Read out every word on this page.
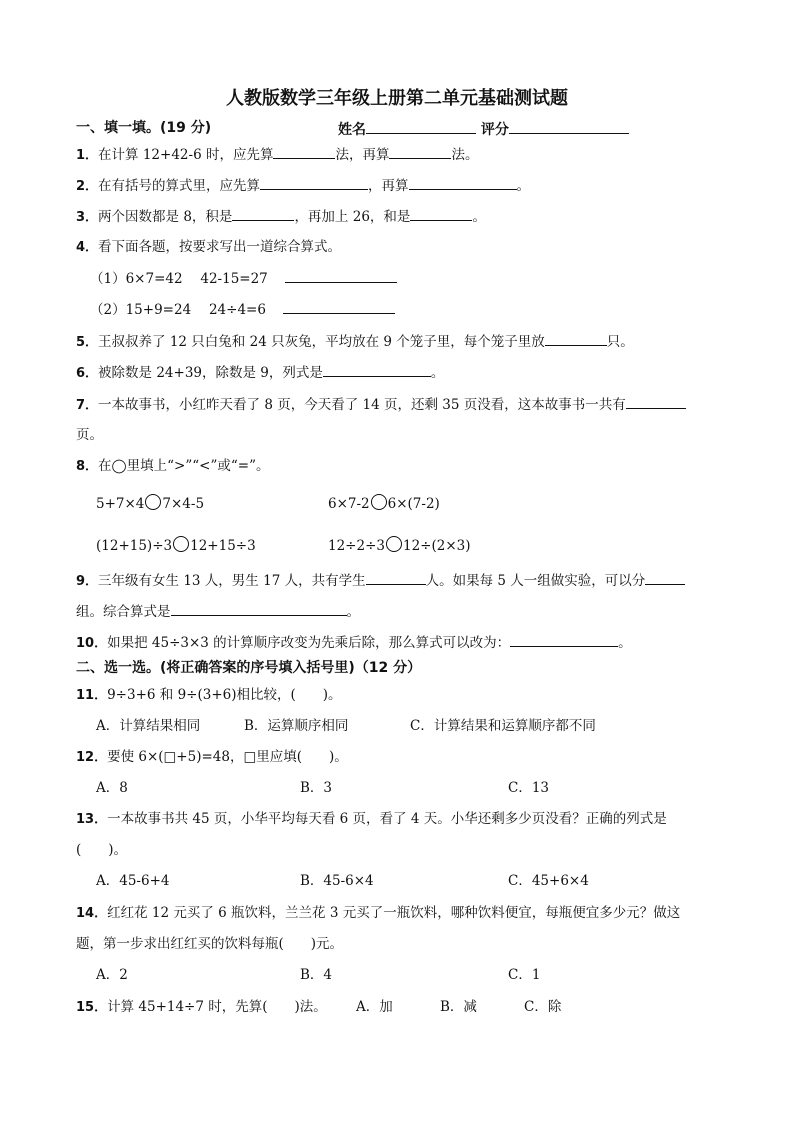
人教版数学三年级上册第二单元基础测试题
一、填一填。(19 分)	姓名	评分
1．在计算 12+42-6 时，应先算	法，再算	法。
2．在有括号的算式里，应先算	，再算	。
3．两个因数都是 8，积是	，再加上 26，和是	。
4．看下面各题，按要求写出一道综合算式。
（1）6×7=42　 42-15=27
（2）15+9=24　 24÷4=6
5．王叔叔养了 12 只白兔和 24 只灰兔，平均放在 9 个笼子里，每个笼子里放	只。
6．被除数是 24+39，除数是 9，列式是	。
7．一本故事书，小红昨天看了 8 页，今天看了 14 页，还剩 35 页没看，这本故事书一共有
页。
8．在◯里填上“>”“<”或“=”。
5+7×4 7×4-5	6×7-2 6×(7-2)
(12+15)÷3 12+15÷3	12÷2÷3 12÷(2×3)
9．三年级有女生 13 人，男生 17 人，共有学生	人。如果每 5 人一组做实验，可以分
组。综合算式是	。
10．如果把 45÷3×3 的计算顺序改变为先乘后除，那么算式可以改为：	。
二、选一选。(将正确答案的序号填入括号里)（12 分）
11．9÷3+6 和 9÷(3+6)相比较，(　　)。
A．计算结果相同	B．运算顺序相同	C．计算结果和运算顺序都不同
12．要使 6×(□+5)=48，□里应填(　　)。
A．8	B．3	C．13
13．一本故事书共 45 页，小华平均每天看 6 页，看了 4 天。小华还剩多少页没看？正确的列式是
(　　)。
A．45-6+4	B．45-6×4	C．45+6×4
14．红红花 12 元买了 6 瓶饮料，兰兰花 3 元买了一瓶饮料，哪种饮料便宜，每瓶便宜多少元？做这
题，第一步求出红红买的饮料每瓶(　　)元。
A．2	B．4	C．1
15．计算 45+14÷7 时，先算(　　)法。 A．加	B．减	C．除
